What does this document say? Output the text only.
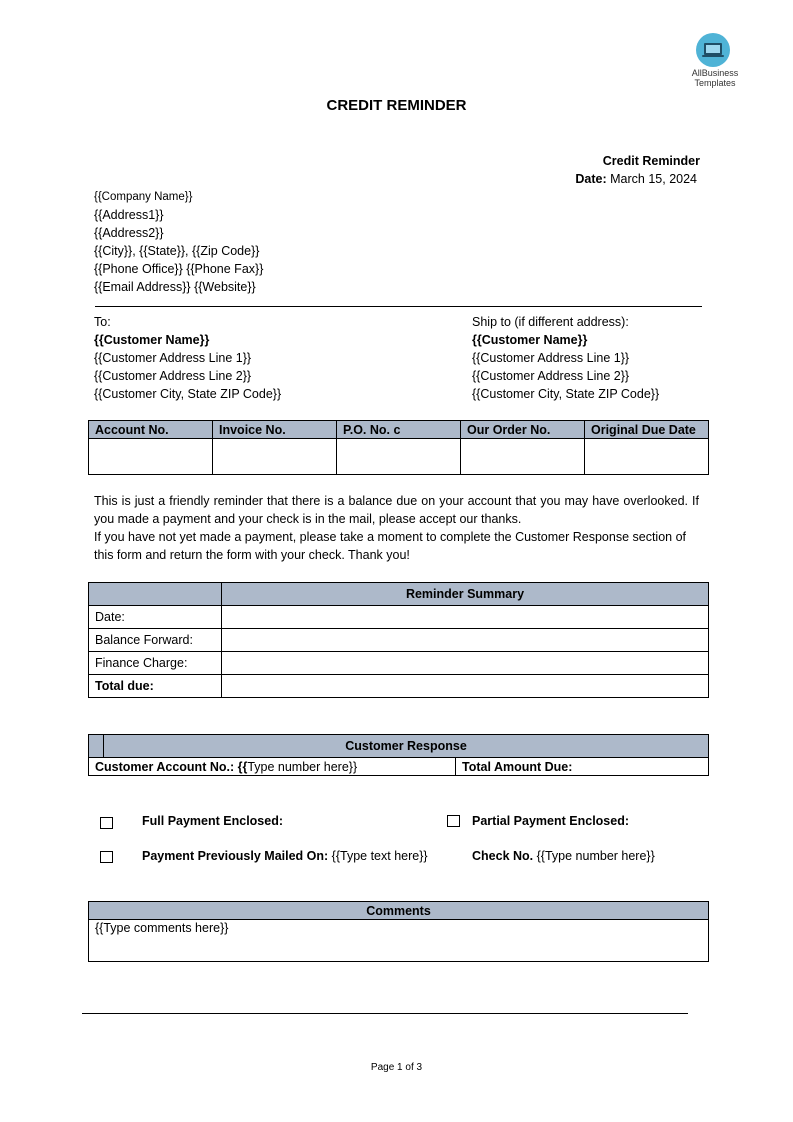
AllBusiness
Templates
CREDIT REMINDER
Credit Reminder
Date: March 15, 2024
{{Company Name}}
{{Address1}}
{{Address2}}
{{City}}, {{State}}, {{Zip Code}}
{{Phone Office}} {{Phone Fax}}
{{Email Address}} {{Website}}
To:
{{Customer Name}}
{{Customer Address Line 1}}
{{Customer Address Line 2}}
{{Customer City, State ZIP Code}}
Ship to (if different address):
{{Customer Name}}
{{Customer Address Line 1}}
{{Customer Address Line 2}}
{{Customer City, State ZIP Code}}
Account No.	Invoice No.	P.O. No. c	Our Order No.	Original Due Date

This is just a friendly reminder that there is a balance due on your account that you may have overlooked. If you made a payment and your check is in the mail, please accept our thanks.
If you have not yet made a payment, please take a moment to complete the Customer Response section of this form and return the form with your check. Thank you!
	Reminder Summary
Date:	
Balance Forward:	
Finance Charge:	
Total due:	
	Customer Response	
Customer Account No.: {{Type number here}}		Total Amount Due:
Full Payment Enclosed:	Partial Payment Enclosed:
Payment Previously Mailed On: {{Type text here}}	Check No. {{Type number here}}
Comments
{{Type comments here}}
Page 1 of 3
